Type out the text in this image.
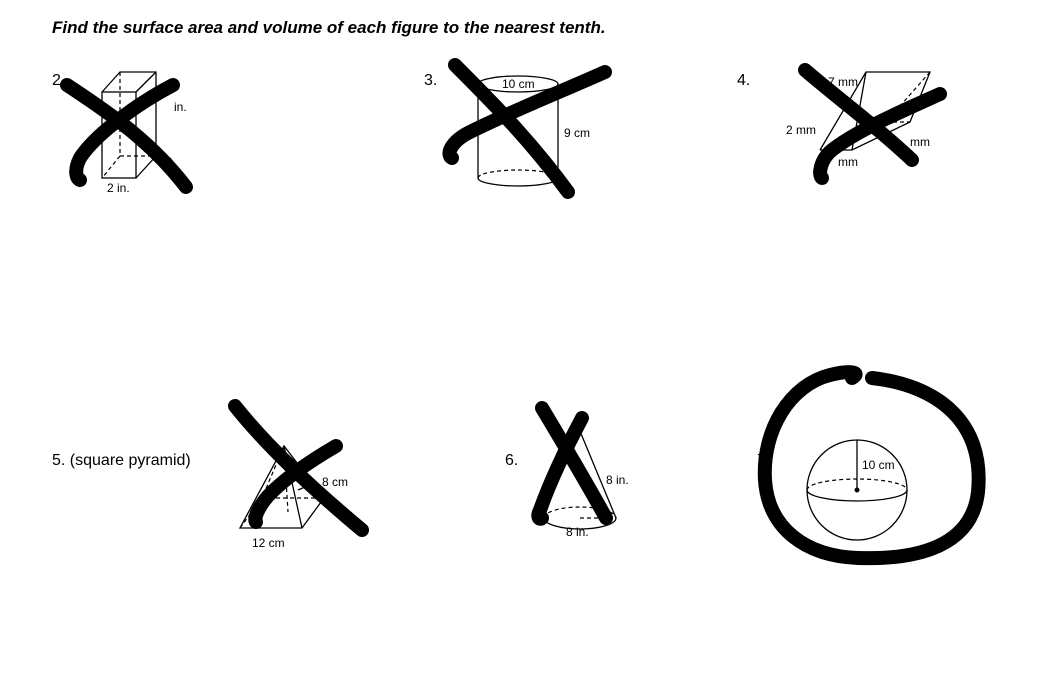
Find the surface area and volume of each figure to the nearest tenth.
2.	3.	4.
5. (square pyramid)	6.	7
in.
in.
2 in.
10 cm
9 cm
7 mm
2 mm
mm
mm
8 cm
12 cm
8 in.
8 in.
10 cm
